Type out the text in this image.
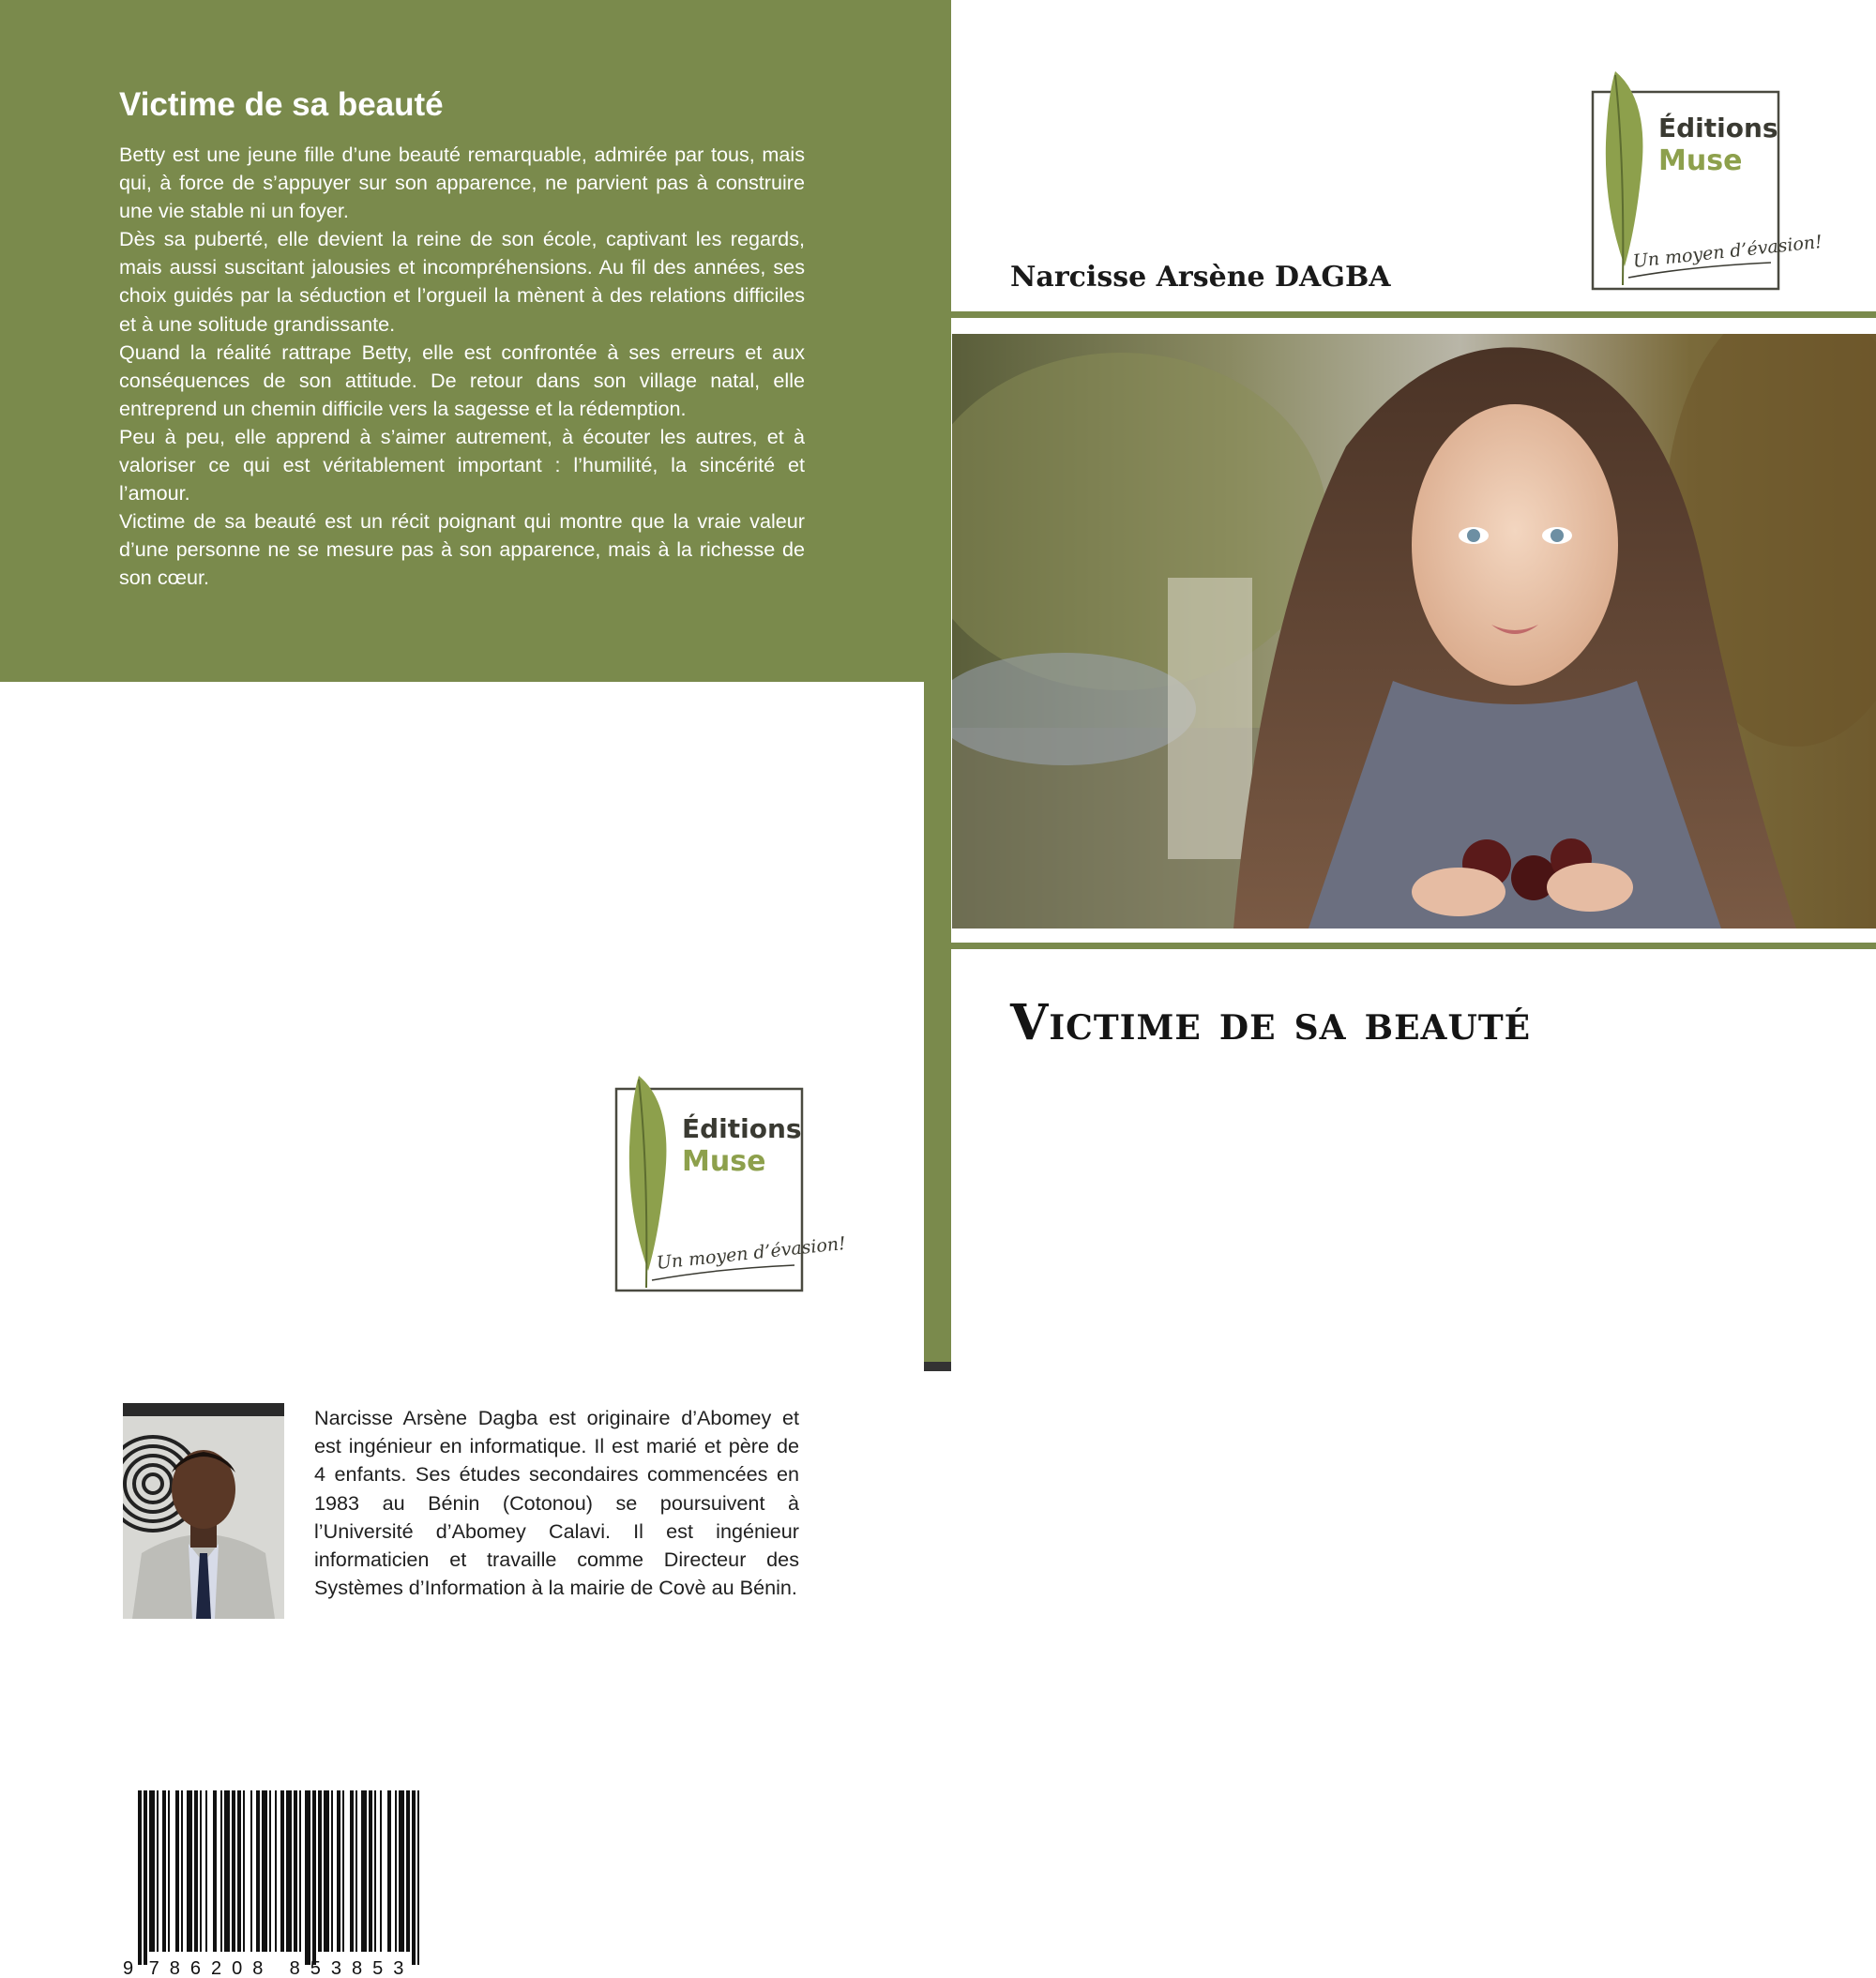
Victime de sa beauté

Betty est une jeune fille d’une beauté remarquable, admirée par tous, mais qui, à force de s’appuyer sur son apparence, ne parvient pas à construire une vie stable ni un foyer.

Dès sa puberté, elle devient la reine de son école, captivant les regards, mais aussi suscitant jalousies et incompréhensions. Au fil des années, ses choix guidés par la séduction et l’orgueil la mènent à des relations difficiles et à une solitude grandissante.

Quand la réalité rattrape Betty, elle est confrontée à ses erreurs et aux conséquences de son attitude. De retour dans son village natal, elle entreprend un chemin difficile vers la sagesse et la rédemption.

Peu à peu, elle apprend à s’aimer autrement, à écouter les autres, et à valoriser ce qui est véritablement important : l’humilité, la sincérité et l’amour.

Victime de sa beauté est un récit poignant qui montre que la vraie valeur d’une personne ne se mesure pas à son apparence, mais à la richesse de son cœur.

Narcisse Arsène Dagba est originaire d’Abomey et est ingénieur en informatique. Il est marié et père de 4 enfants. Ses études secondaires commencées en 1983 au Bénin (Cotonou) se poursuivent à l’Université d’Abomey Calavi. Il est ingénieur informaticien et travaille comme Directeur des Systèmes d’Information à la mairie de Covè au Bénin.

9 786208 853853
Éditions
Muse
Un moyen d’évasion!
Éditions
Muse
Un moyen d’évasion!
Narcisse Arsène DAGBA
Victime de sa beauté
